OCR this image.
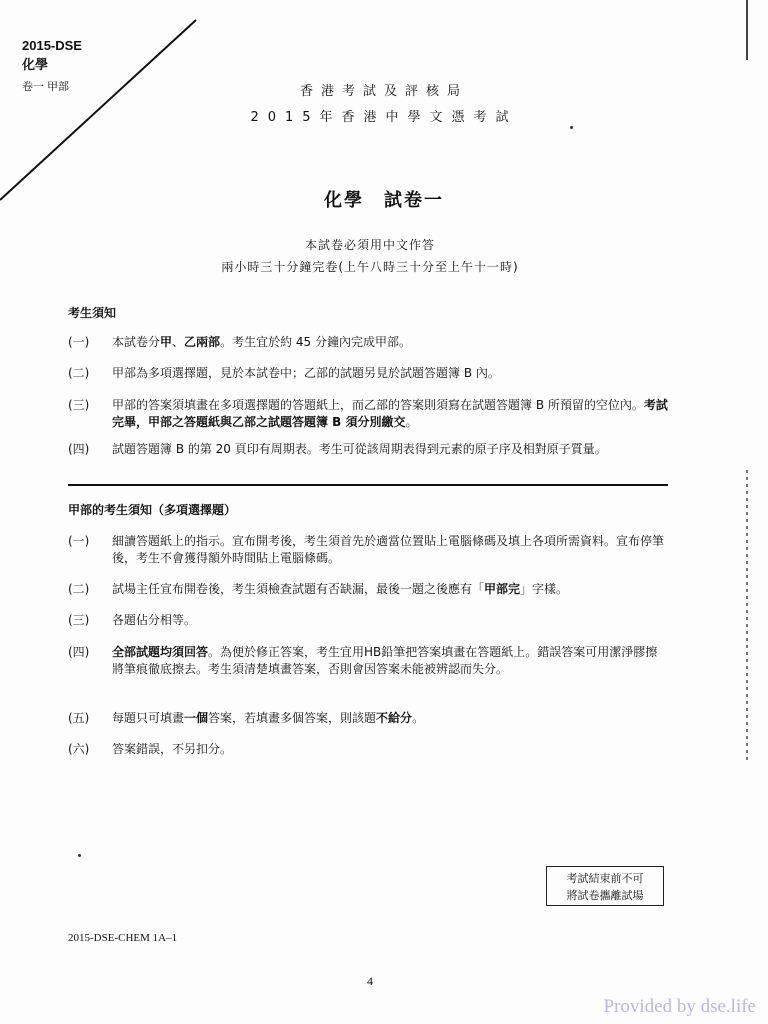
2015-DSE
化學
卷一 甲部	香港考試及評核局
2015年香港中學文憑考試
化學　試卷一
本試卷必須用中文作答
兩小時三十分鐘完卷(上午八時三十分至上午十一時)
考生須知
(一)	本試卷分甲、乙兩部。考生宜於約 45 分鐘內完成甲部。
(二)	甲部為多項選擇題，見於本試卷中；乙部的試題另見於試題答題簿 B 內。
(三)	甲部的答案須填畫在多項選擇題的答題紙上，而乙部的答案則須寫在試題答題簿 B 所預留的空位內。考試完畢，甲部之答題紙與乙部之試題答題簿 B 須分別繳交。
(四)	試題答題簿 B 的第 20 頁印有周期表。考生可從該周期表得到元素的原子序及相對原子質量。
甲部的考生須知（多項選擇題）
(一)	細讀答題紙上的指示。宣布開考後，考生須首先於適當位置貼上電腦條碼及填上各項所需資料。宣布停筆後，考生不會獲得額外時間貼上電腦條碼。
(二)	試場主任宣布開卷後，考生須檢查試題有否缺漏，最後一題之後應有「甲部完」字樣。
(三)	各題佔分相等。
(四)	全部試題均須回答。為便於修正答案，考生宜用HB鉛筆把答案填畫在答題紙上。錯誤答案可用潔淨膠擦將筆痕徹底擦去。考生須清楚填畫答案，否則會因答案未能被辨認而失分。
(五)	每題只可填畫一個答案，若填畫多個答案，則該題不給分。
(六)	答案錯誤，不另扣分。
考試結束前不可
將試卷攜離試場
2015-DSE-CHEM 1A–1
4
Provided by dse.life
